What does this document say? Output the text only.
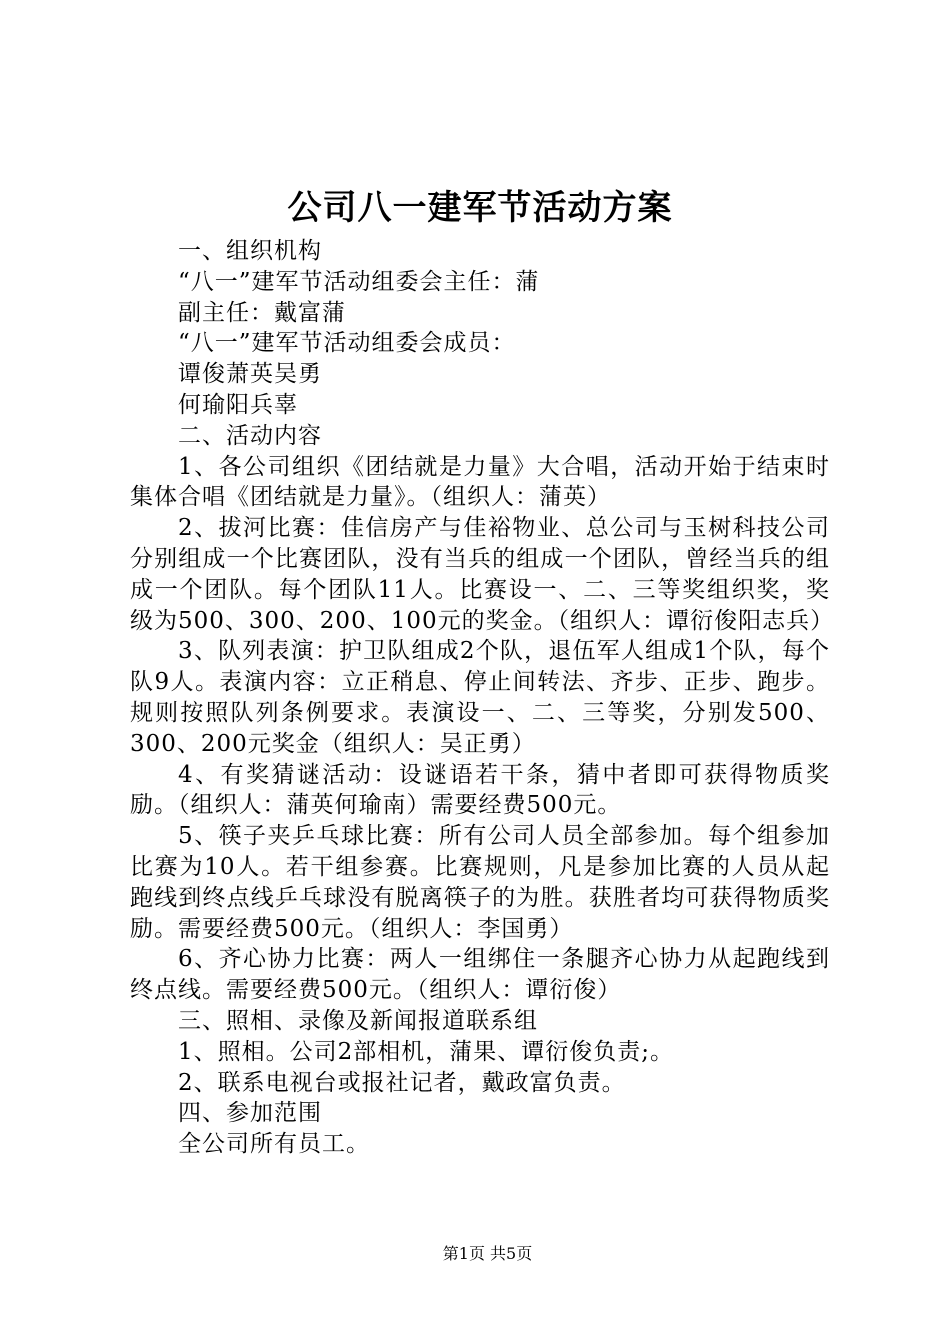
公司八一建军节活动方案

一、组织机构

“八一”建军节活动组委会主任：蒲

副主任：戴富蒲

“八一”建军节活动组委会成员：

谭俊萧英吴勇

何瑜阳兵辜

二、活动内容

1、各公司组织《团结就是力量》大合唱，活动开始于结束时集体合唱《团结就是力量》。（组织人：蒲英）

2、拔河比赛：佳信房产与佳裕物业、总公司与玉树科技公司分别组成一个比赛团队，没有当兵的组成一个团队，曾经当兵的组成一个团队。每个团队11人。比赛设一、二、三等奖组织奖，奖级为500、300、200、100元的奖金。（组织人：谭衍俊阳志兵）

3、队列表演：护卫队组成2个队，退伍军人组成1个队，每个队9人。表演内容：立正稍息、停止间转法、齐步、正步、跑步。规则按照队列条例要求。表演设一、二、三等奖，分别发500、300、200元奖金（组织人：吴正勇）

4、有奖猜谜活动：设谜语若干条，猜中者即可获得物质奖励。（组织人：蒲英何瑜南）需要经费500元。

5、筷子夹乒乓球比赛：所有公司人员全部参加。每个组参加比赛为10人。若干组参赛。比赛规则，凡是参加比赛的人员从起跑线到终点线乒乓球没有脱离筷子的为胜。获胜者均可获得物质奖励。需要经费500元。（组织人：李国勇）

6、齐心协力比赛：两人一组绑住一条腿齐心协力从起跑线到终点线。需要经费500元。（组织人：谭衍俊）

三、照相、录像及新闻报道联系组

1、照相。公司2部相机，蒲果、谭衍俊负责;。

2、联系电视台或报社记者，戴政富负责。

四、参加范围

全公司所有员工。

第1页 共5页
